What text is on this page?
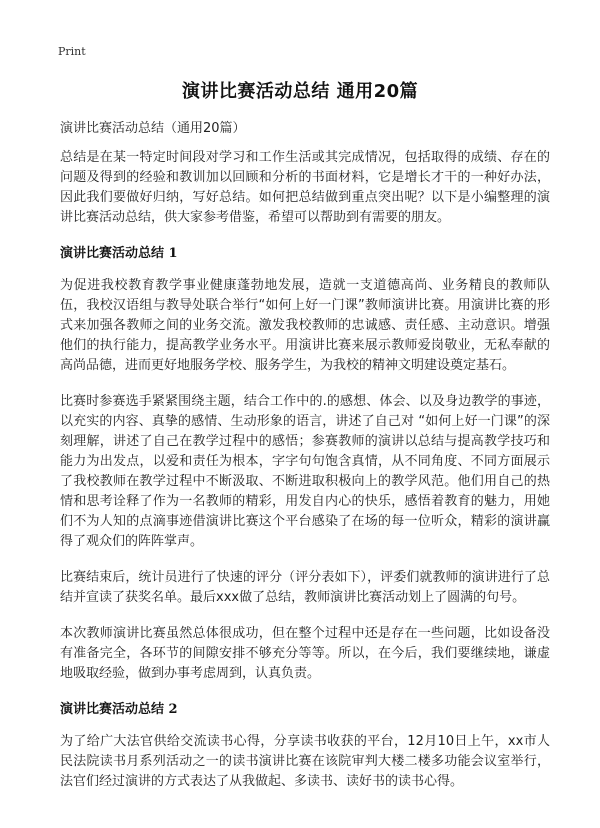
Print
演讲比赛活动总结 通用20篇

演讲比赛活动总结（通用20篇）

总结是在某一特定时间段对学习和工作生活或其完成情况，包括取得的成绩、存在的问题及得到的经验和教训加以回顾和分析的书面材料，它是增长才干的一种好办法，因此我们要做好归纳，写好总结。如何把总结做到重点突出呢？以下是小编整理的演讲比赛活动总结，供大家参考借鉴，希望可以帮助到有需要的朋友。

演讲比赛活动总结 1

为促进我校教育教学事业健康蓬勃地发展，造就一支道德高尚、业务精良的教师队伍，我校汉语组与教导处联合举行“如何上好一门课”教师演讲比赛。用演讲比赛的形式来加强各教师之间的业务交流。激发我校教师的忠诚感、责任感、主动意识。增强他们的执行能力，提高教学业务水平。用演讲比赛来展示教师爱岗敬业，无私奉献的高尚品德，进而更好地服务学校、服务学生，为我校的精神文明建设奠定基石。

比赛时参赛选手紧紧围绕主题，结合工作中的.的感想、体会、以及身边教学的事迹，以充实的内容、真挚的感情、生动形象的语言，讲述了自己对 “如何上好一门课”的深刻理解，讲述了自己在教学过程中的感悟；参赛教师的演讲以总结与提高教学技巧和能力为出发点，以爱和责任为根本，字字句句饱含真情，从不同角度、不同方面展示了我校教师在教学过程中不断汲取、不断进取积极向上的教学风范。他们用自己的热情和思考诠释了作为一名教师的精彩，用发自内心的快乐，感悟着教育的魅力，用她们不为人知的点滴事迹借演讲比赛这个平台感染了在场的每一位听众，精彩的演讲赢得了观众们的阵阵掌声。

比赛结束后，统计员进行了快速的评分（评分表如下），评委们就教师的演讲进行了总结并宣读了获奖名单。最后xxx做了总结，教师演讲比赛活动划上了圆满的句号。

本次教师演讲比赛虽然总体很成功，但在整个过程中还是存在一些问题，比如设备没有准备完全，各环节的间隙安排不够充分等等。所以，在今后，我们要继续地，谦虚地吸取经验，做到办事考虑周到，认真负责。

演讲比赛活动总结 2

为了给广大法官供给交流读书心得，分享读书收获的平台，12月10日上午，xx市人民法院读书月系列活动之一的读书演讲比赛在该院审判大楼二楼多功能会议室举行，法官们经过演讲的方式表达了从我做起、多读书、读好书的读书心得。
